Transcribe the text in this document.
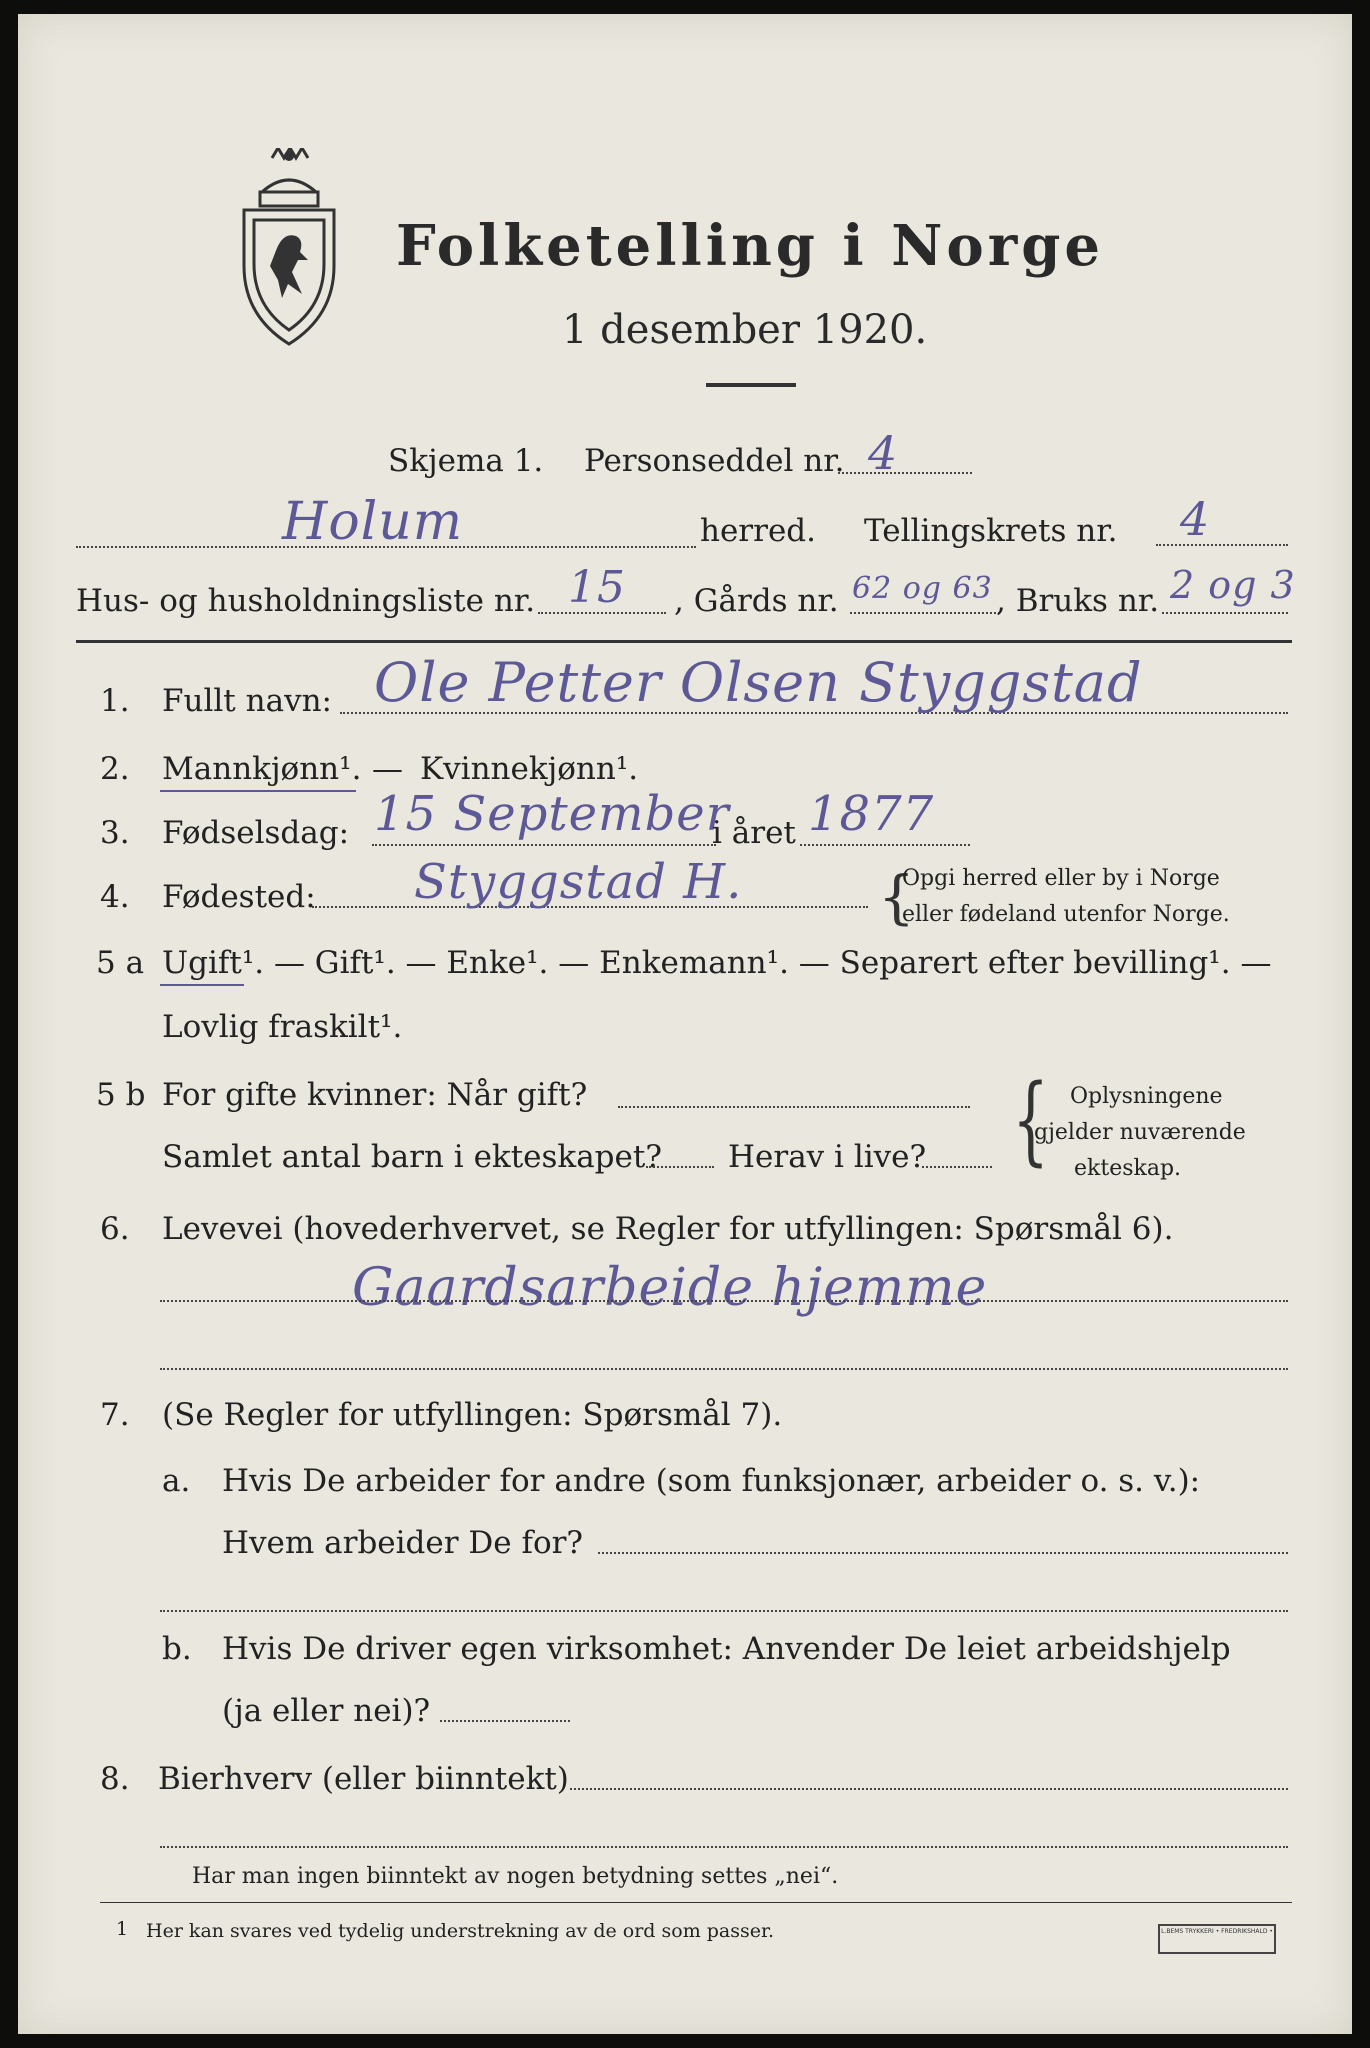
Folketelling i Norge
1 desember 1920.
Skjema 1. Personseddel nr. 4
Holum	herred. Tellingskrets nr. 4
Hus- og husholdningsliste nr. 15 , Gårds nr. 62 og 63 , Bruks nr. 2 og 3
1. Fullt navn: Ole Petter Olsen Styggstad
2. Mannkjønn¹. — Kvinnekjønn¹.
3. Fødselsdag: 15 September
i året 1877
4. Fødested: Styggstad H. {
Opgi herred eller by i Norge
eller fødeland utenfor Norge.
5 a Ugift¹. — Gift¹. — Enke¹. — Enkemann¹. — Separert efter bevilling¹. —
Lovlig fraskilt¹.
5 b For gifte kvinner: Når gift?
Samlet antal barn i ekteskapet? Herav i live? { Oplysningene
gjelder nuværende
ekteskap.
6. Levevei (hovederhvervet, se Regler for utfyllingen: Spørsmål 6).
Gaardsarbeide hjemme
7. (Se Regler for utfyllingen: Spørsmål 7).
a. Hvis De arbeider for andre (som funksjonær, arbeider o. s. v.):
Hvem arbeider De for?
b. Hvis De driver egen virksomhet: Anvender De leiet arbeidshjelp
(ja eller nei)?
8. Bierhverv (eller biinntekt)
Har man ingen biinntekt av nogen betydning settes „nei“.
1 Her kan svares ved tydelig understrekning av de ord som passer.	L.BEMS TRYKKERI • FREDRIKSHALD •
